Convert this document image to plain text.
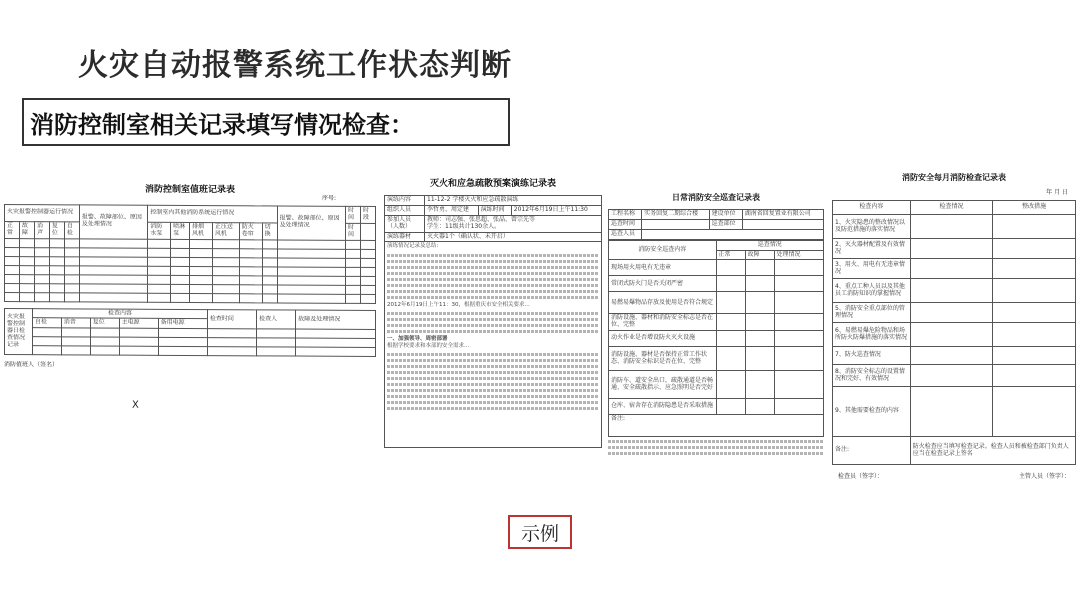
火灾自动报警系统工作状态判断
消防控制室相关记录填写情况检查：
消防控制室值班记录表
序号:
火灾报警控制器运行情况					报警、故障部位、原因及处理情况	控制室内其他消防系统运行情况						报警、故障部位、原因及处理情况	时间	时段
正常	故障	消声	复位	自检		消防水泵	喷淋泵	排烟风机	正压送风机	防火卷帘	切换		时间	

火灾报警控制器日检查情况记录	检查内容					检查时间	检查人	故障及处理情况
	自检	消音	复位	主电源	备用电源			

消防值班人（签名）
X
灭火和应急疏散预案演练记录表
演练内容	11-12-2 学楼灭火和应急疏散演练		
组织人员	李哲勇、周定建	演练时间	2012年6月19日上午11:30
参加人员（人数）	教师：司志强、张思超、张晶、曾宗先等
学生：11级共计130余人。		

演练器材	灭火器1个（确认状、未开启）		

演练情况记录及总结:
2012年6月19日上午11：30，根据重庆市安全相关要求...
一、加强领导、周密部署
根据学校要求和本部的安全需求...			
日常消防安全巡查记录表
工程名称	实务回复二期综合楼	建设单位	湖南省回复置业有限公司
巡查时间		巡查部位	
巡查人员			
消防安全巡查内容	巡查情况		
	正常	故障	处理情况
现场用火用电有无违章			
常闭式防火门是否关闭严密			
易燃易爆物品存放及使用是否符合规定			
消防设施、器材和消防安全标志是否在位、完整			
动火作业是否增设防火灭火设施			
消防设施、器材是否保持正常工作状态、消防安全标识是否在位、完整			
消防车、道安全出口，疏散通道是否畅通、安全疏散指示、应急照明是否完好			
仓库、宿舍存在消防隐患是否采取措施			
备注:			
消防安全每月消防检查记录表
年 月 日
检查内容	检查情况	整改措施
1、火灾隐患的整改情况以及防范措施的落实情况		
2、灭火器材配置及有效情况		
3、用火、用电有无违章情况		
4、重点工种人员以及其他员工消防知识的掌握情况		
5、消防安全重点部位的管理情况		
6、易燃易爆危险物品和场所防火防爆措施的落实情况		
7、防火巡查情况		
8、消防安全标志的设置情况和完好、有效情况		
9、其他需要检查的内容		
备注:	防火检查应当填写检查记录。检查人员和被检查部门负责人应当在检查记录上签名	
检查员（签字）：	主管人员（签字）：
示例
